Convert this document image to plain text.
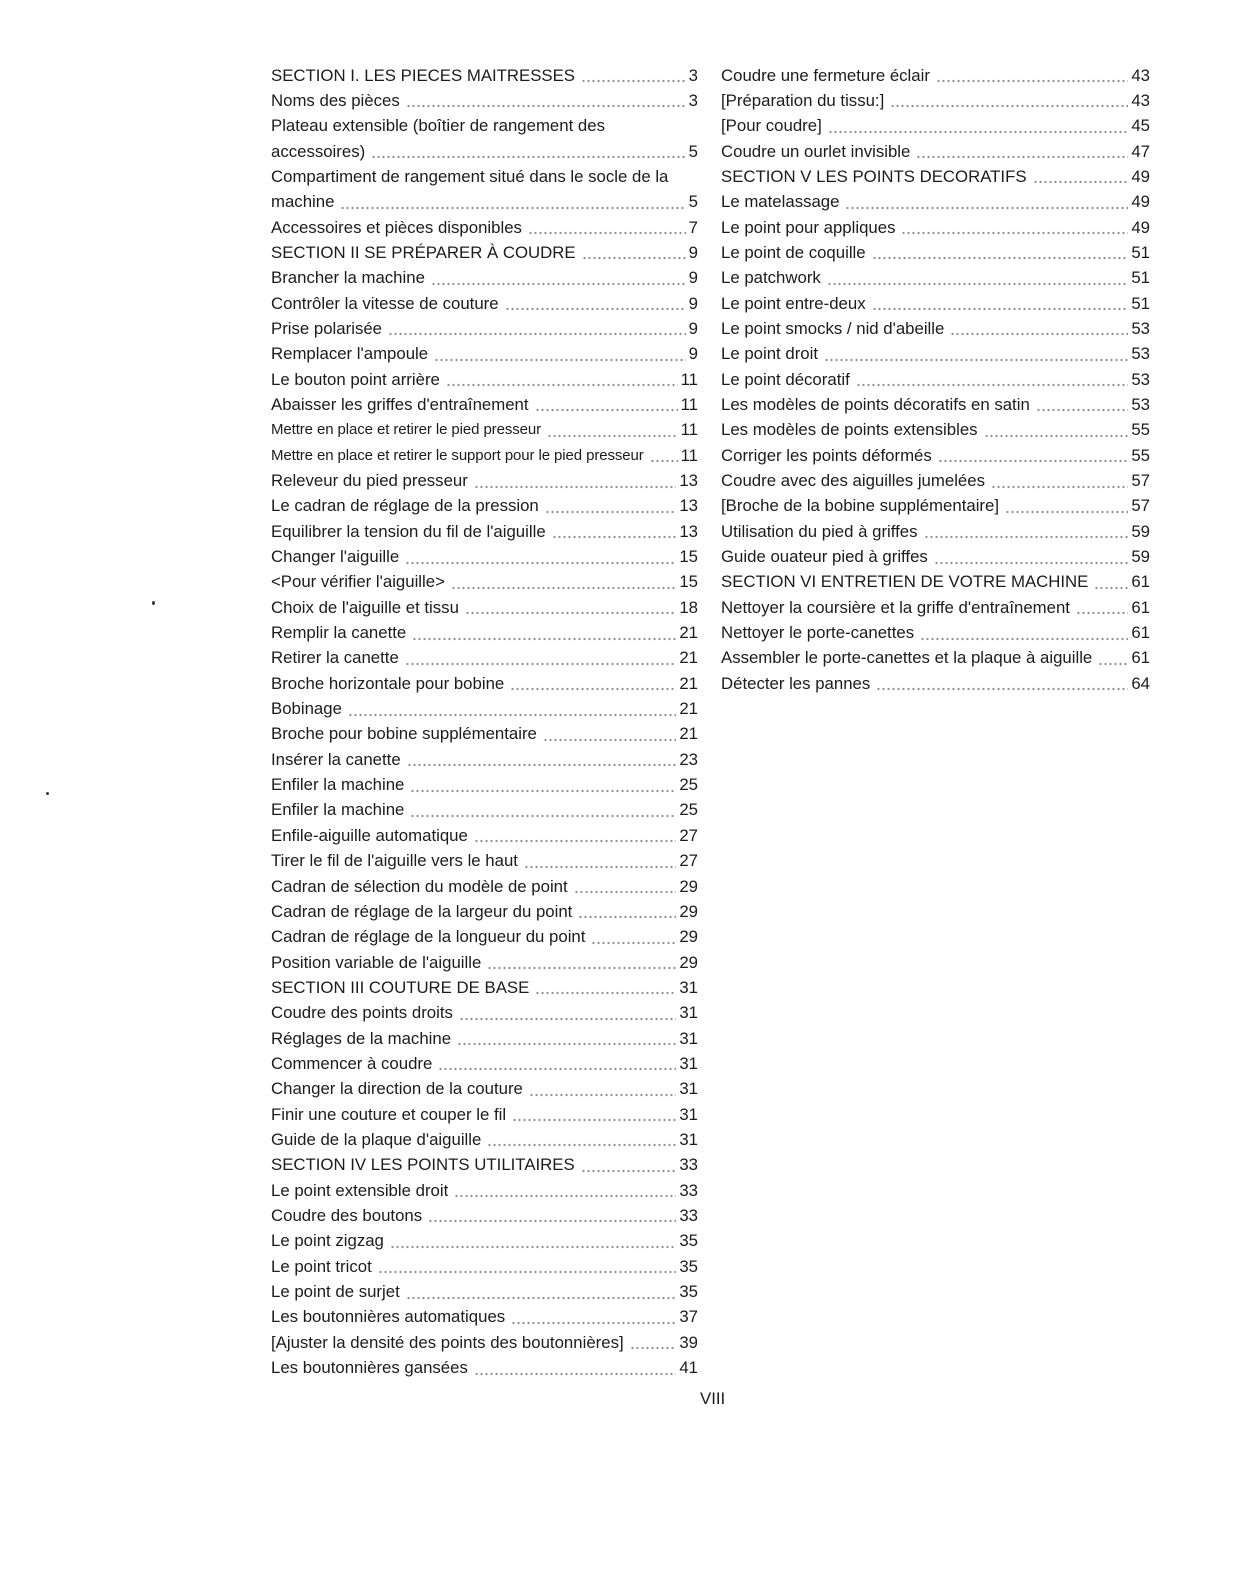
SECTION I. LES PIECES MAITRESSES	3
Noms des pièces	3
Plateau extensible (boîtier de rangement des
accessoires)	5
Compartiment de rangement situé dans le socle de la
machine	5
Accessoires et pièces disponibles	7
SECTION II SE PRÉPARER À COUDRE	9
Brancher la machine	9
Contrôler la vitesse de couture	9
Prise polarisée	9
Remplacer l'ampoule	9
Le bouton point arrière	11
Abaisser les griffes d'entraînement	11
Mettre en place et retirer le pied presseur	11
Mettre en place et retirer le support pour le pied presseur 11
Releveur du pied presseur	13
Le cadran de réglage de la pression	13
Equilibrer la tension du fil de l'aiguille	13
Changer l'aiguille	15
<Pour vérifier l'aiguille>	15
Choix de l'aiguille et tissu	18
Remplir la canette	21
Retirer la canette	21
Broche horizontale pour bobine	21
Bobinage	21
Broche pour bobine supplémentaire	21
Insérer la canette	23
Enfiler la machine	25
Enfiler la machine	25
Enfile-aiguille automatique	27
Tirer le fil de l'aiguille vers le haut	27
Cadran de sélection du modèle de point	29
Cadran de réglage de la largeur du point	29
Cadran de réglage de la longueur du point	29
Position variable de l'aiguille	29
SECTION III COUTURE DE BASE	31
Coudre des points droits	31
Réglages de la machine	31
Commencer à coudre	31
Changer la direction de la couture	31
Finir une couture et couper le fil	31
Guide de la plaque d'aiguille	31
SECTION IV LES POINTS UTILITAIRES	33
Le point extensible droit	33
Coudre des boutons	33
Le point zigzag	35
Le point tricot	35
Le point de surjet	35
Les boutonnières automatiques	37
[Ajuster la densité des points des boutonnières]	39
Les boutonnières gansées	41
Coudre une fermeture éclair	43
[Préparation du tissu:]	43
[Pour coudre]	45
Coudre un ourlet invisible	47
SECTION V LES POINTS DECORATIFS	49
Le matelassage	49
Le point pour appliques	49
Le point de coquille	51
Le patchwork	51
Le point entre-deux	51
Le point smocks / nid d'abeille	53
Le point droit	53
Le point décoratif	53
Les modèles de points décoratifs en satin	53
Les modèles de points extensibles	55
Corriger les points déformés	55
Coudre avec des aiguilles jumelées	57
[Broche de la bobine supplémentaire]	57
Utilisation du pied à griffes	59
Guide ouateur pied à griffes	59
SECTION VI ENTRETIEN DE VOTRE MACHINE	61
Nettoyer la coursière et la griffe d'entraînement	61
Nettoyer le porte-canettes	61
Assembler le porte-canettes et la plaque à aiguille 61
Détecter les pannes	64
VIII
